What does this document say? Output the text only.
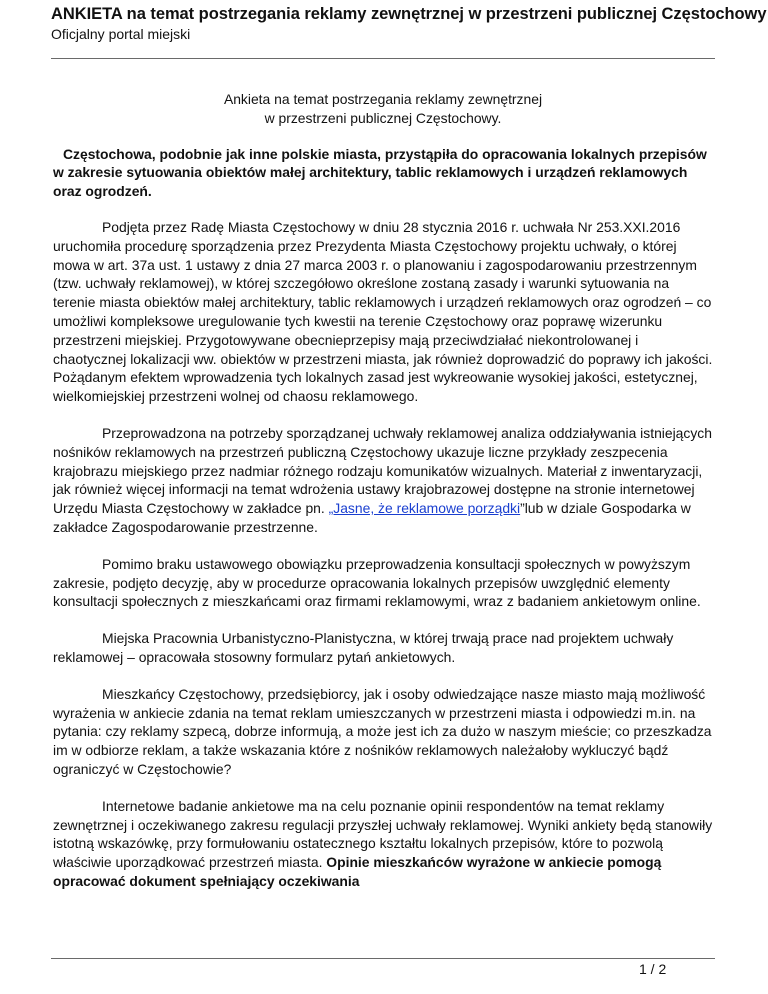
ANKIETA na temat postrzegania reklamy zewnętrznej w przestrzeni publicznej Częstochowy
Oficjalny portal miejski
Ankieta na temat postrzegania reklamy zewnętrznej
w przestrzeni publicznej Częstochowy.
Częstochowa, podobnie jak inne polskie miasta, przystąpiła do opracowania lokalnych przepisów w zakresie sytuowania obiektów małej architektury, tablic reklamowych i urządzeń reklamowych oraz ogrodzeń.

Podjęta przez Radę Miasta Częstochowy w dniu 28 stycznia 2016 r. uchwała Nr 253.XXI.2016 uruchomiła procedurę sporządzenia przez Prezydenta Miasta Częstochowy projektu uchwały, o której mowa w art. 37a ust. 1 ustawy z dnia 27 marca 2003 r. o planowaniu i zagospodarowaniu przestrzennym (tzw. uchwały reklamowej), w której szczegółowo określone zostaną zasady i warunki sytuowania na terenie miasta obiektów małej architektury, tablic reklamowych i urządzeń reklamowych oraz ogrodzeń – co umożliwi kompleksowe uregulowanie tych kwestii na terenie Częstochowy oraz poprawę wizerunku przestrzeni miejskiej. Przygotowywane obecnieprzepisy mają przeciwdziałać niekontrolowanej i chaotycznej lokalizacji ww. obiektów w przestrzeni miasta, jak również doprowadzić do poprawy ich jakości. Pożądanym efektem wprowadzenia tych lokalnych zasad jest wykreowanie wysokiej jakości, estetycznej, wielkomiejskiej przestrzeni wolnej od chaosu reklamowego.

Przeprowadzona na potrzeby sporządzanej uchwały reklamowej analiza oddziaływania istniejących nośników reklamowych na przestrzeń publiczną Częstochowy ukazuje liczne przykłady zeszpecenia krajobrazu miejskiego przez nadmiar różnego rodzaju komunikatów wizualnych. Materiał z inwentaryzacji, jak również więcej informacji na temat wdrożenia ustawy krajobrazowej dostępne na stronie internetowej Urzędu Miasta Częstochowy w zakładce pn. „Jasne, że reklamowe porządki”lub w dziale Gospodarka w zakładce Zagospodarowanie przestrzenne.

Pomimo braku ustawowego obowiązku przeprowadzenia konsultacji społecznych w powyższym zakresie, podjęto decyzję, aby w procedurze opracowania lokalnych przepisów uwzględnić elementy konsultacji społecznych z mieszkańcami oraz firmami reklamowymi, wraz z badaniem ankietowym online.

Miejska Pracownia Urbanistyczno-Planistyczna, w której trwają prace nad projektem uchwały reklamowej – opracowała stosowny formularz pytań ankietowych.

Mieszkańcy Częstochowy, przedsiębiorcy, jak i osoby odwiedzające nasze miasto mają możliwość wyrażenia w ankiecie zdania na temat reklam umieszczanych w przestrzeni miasta i odpowiedzi m.in. na pytania: czy reklamy szpecą, dobrze informują, a może jest ich za dużo w naszym mieście; co przeszkadza im w odbiorze reklam, a także wskazania które z nośników reklamowych należałoby wykluczyć bądź ograniczyć w Częstochowie?

Internetowe badanie ankietowe ma na celu poznanie opinii respondentów na temat reklamy zewnętrznej i oczekiwanego zakresu regulacji przyszłej uchwały reklamowej. Wyniki ankiety będą stanowiły istotną wskazówkę, przy formułowaniu ostatecznego kształtu lokalnych przepisów, które to pozwolą właściwie uporządkować przestrzeń miasta. Opinie mieszkańców wyrażone w ankiecie pomogą opracować dokument spełniający oczekiwania

1 / 2
